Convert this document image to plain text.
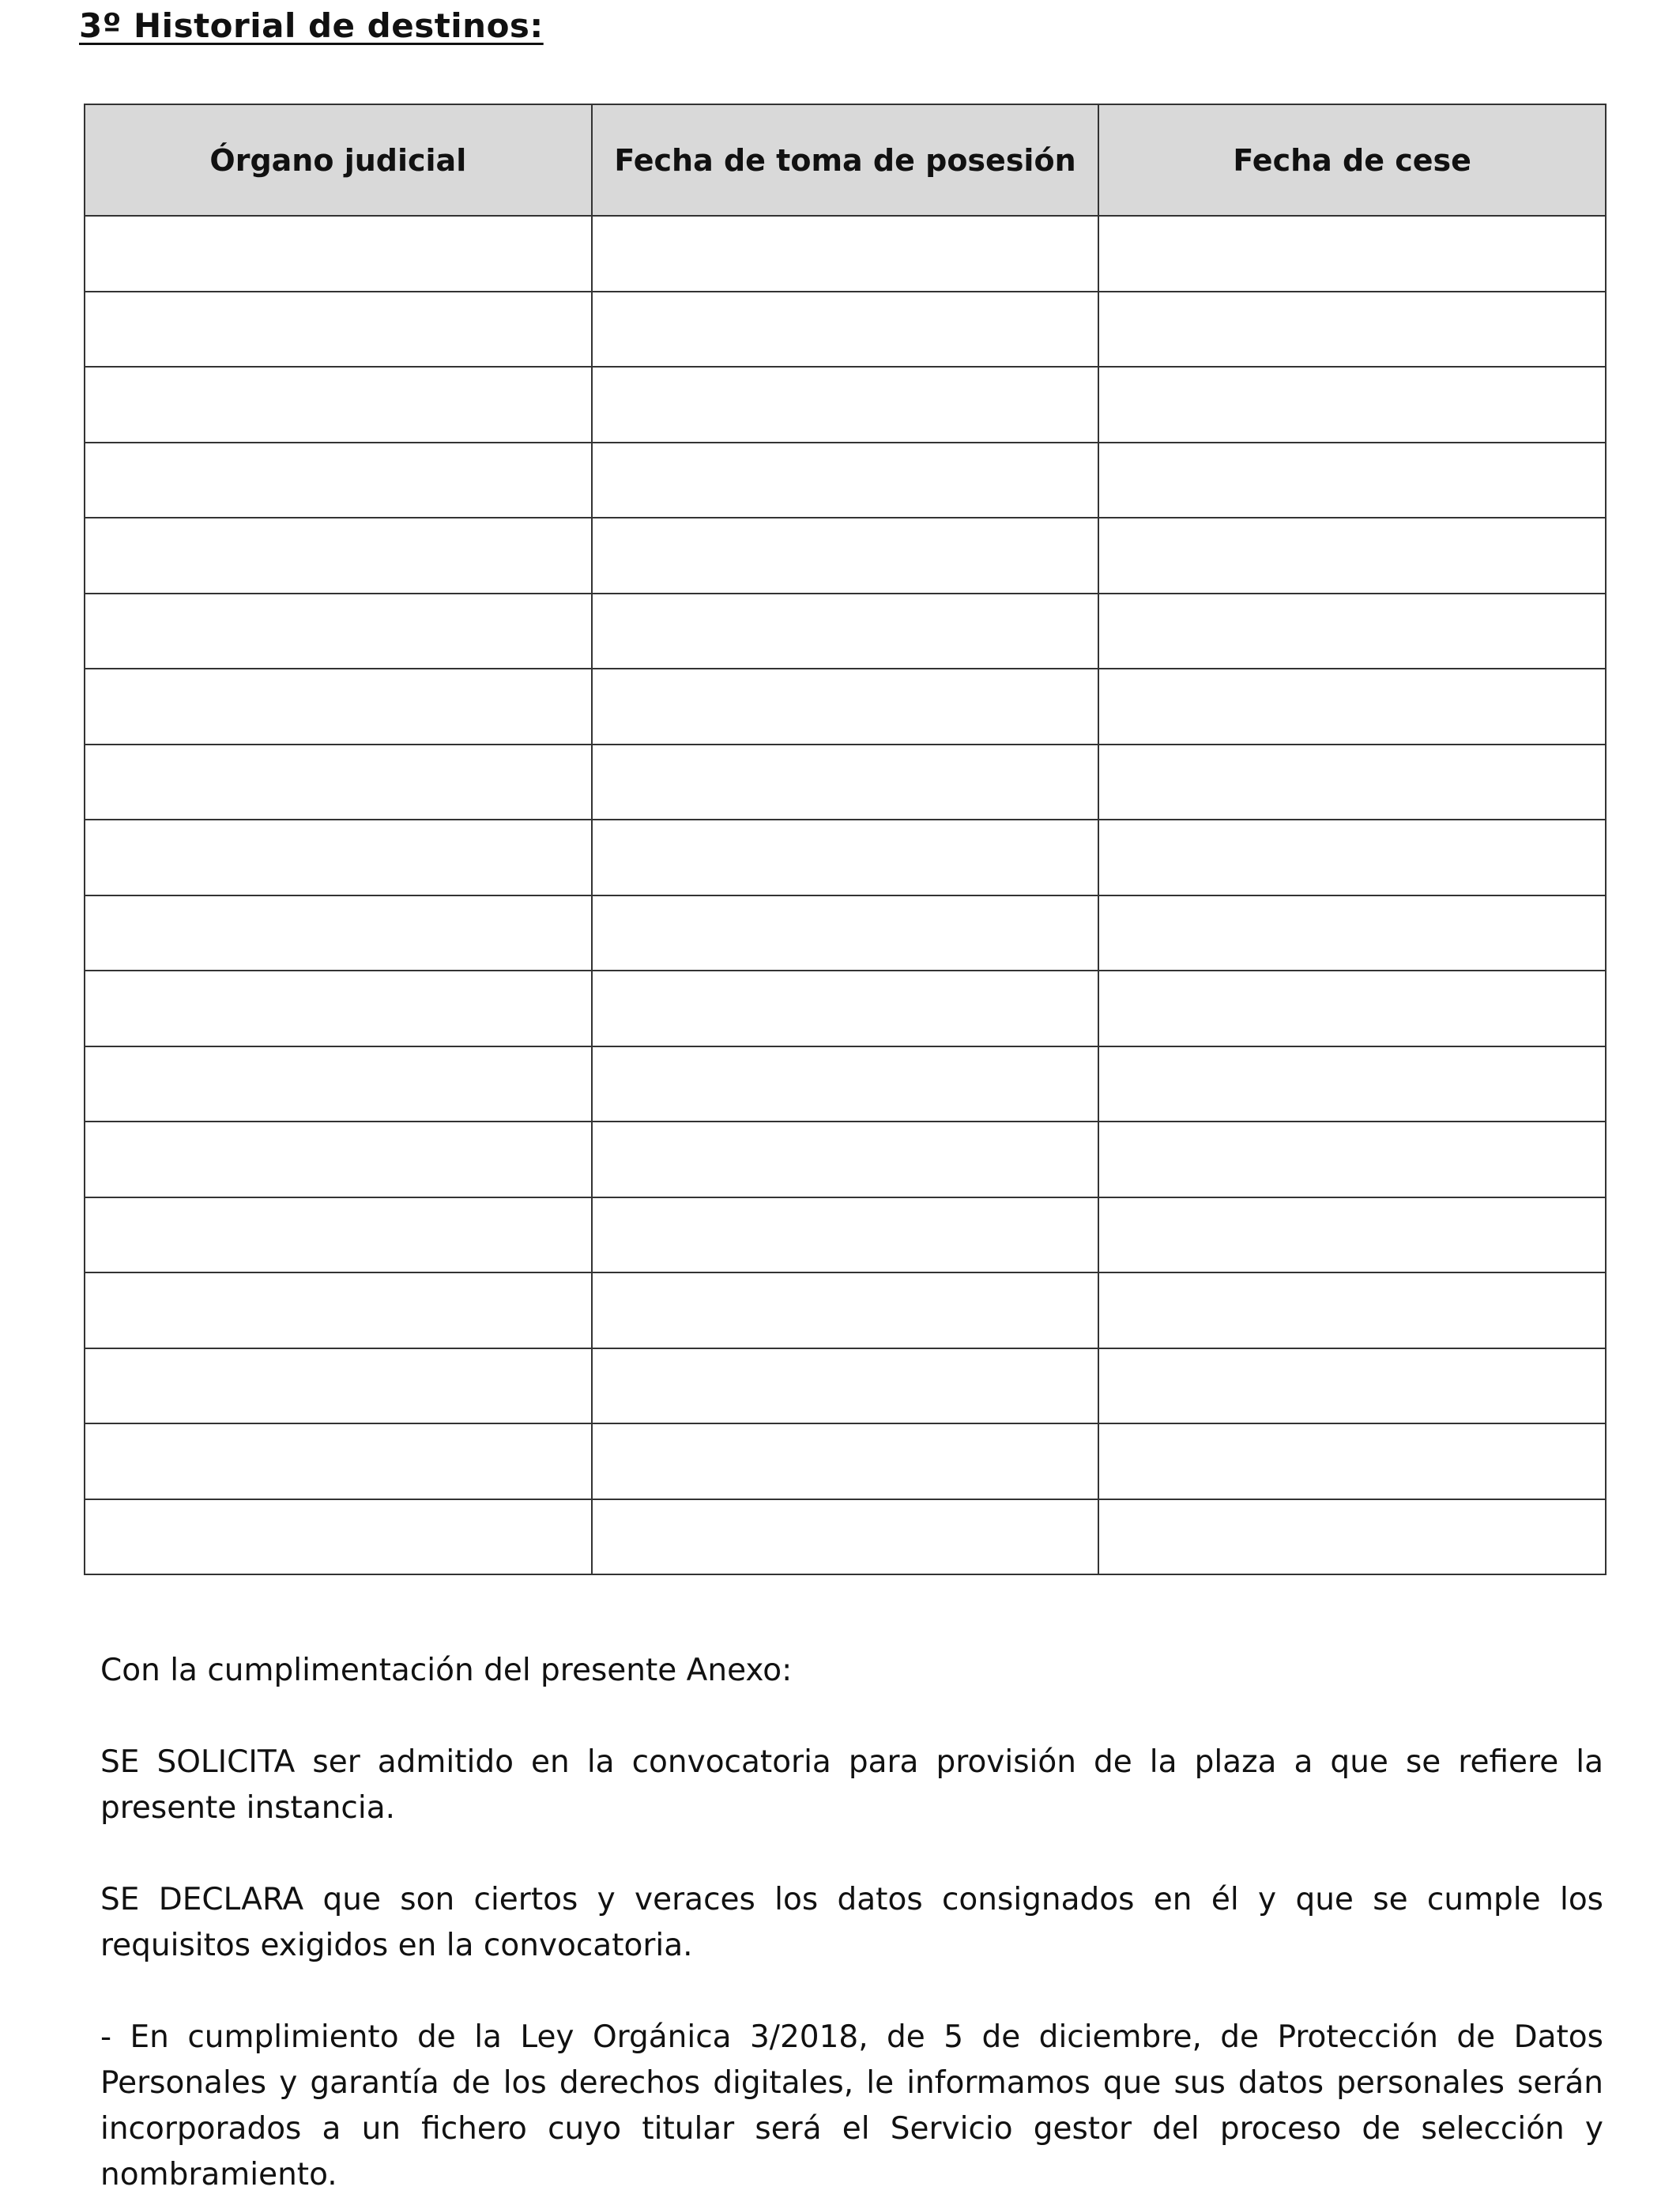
3º Historial de destinos:
Órgano judicial	Fecha de toma de posesión	Fecha de cese

Con la cumplimentación del presente Anexo:

SE SOLICITA ser admitido en la convocatoria para provisión de la plaza a que se refiere la presente instancia.

SE DECLARA que son ciertos y veraces los datos consignados en él y que se cumple los requisitos exigidos en la convocatoria.

- En cumplimiento de la Ley Orgánica 3/2018, de 5 de diciembre, de Protección de Datos Personales y garantía de los derechos digitales, le informamos que sus datos personales serán incorporados a un fichero cuyo titular será el Servicio gestor del proceso de selección y nombramiento.
